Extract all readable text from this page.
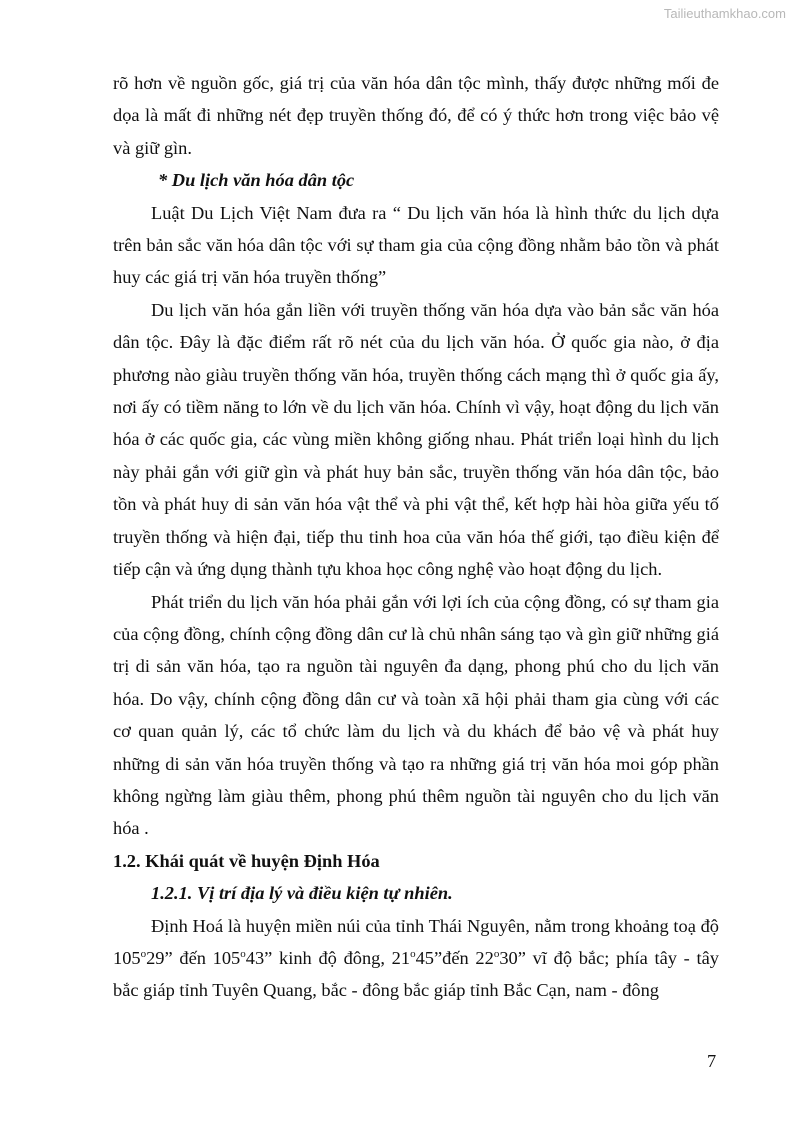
Tailieuthamkhao.com

rõ hơn về nguồn gốc, giá trị của văn hóa dân tộc mình, thấy được những mối đe dọa là mất đi những nét đẹp truyền thống đó, để có ý thức hơn trong việc bảo vệ và giữ gìn.

* Du lịch văn hóa dân tộc

Luật Du Lịch Việt Nam đưa ra “ Du lịch văn hóa là hình thức du lịch dựa trên bản sắc văn hóa dân tộc với sự tham gia của cộng đồng nhằm bảo tồn và phát huy các giá trị văn hóa truyền thống”

Du lịch văn hóa gắn liền với truyền thống văn hóa dựa vào bản sắc văn hóa dân tộc. Đây là đặc điểm rất rõ nét của du lịch văn hóa. Ở quốc gia nào, ở địa phương nào giàu truyền thống văn hóa, truyền thống cách mạng thì ở quốc gia ấy, nơi ấy có tiềm năng to lớn về du lịch văn hóa. Chính vì vậy, hoạt động du lịch văn hóa ở các quốc gia, các vùng miền không giống nhau. Phát triển loại hình du lịch này phải gắn với giữ gìn và phát huy bản sắc, truyền thống văn hóa dân tộc, bảo tồn và phát huy di sản văn hóa vật thể và phi vật thể, kết hợp hài hòa giữa yếu tố truyền thống và hiện đại, tiếp thu tinh hoa của văn hóa thế giới, tạo điều kiện để tiếp cận và ứng dụng thành tựu khoa học công nghệ vào hoạt động du lịch.

Phát triển du lịch văn hóa phải gắn với lợi ích của cộng đồng, có sự tham gia của cộng đồng, chính cộng đồng dân cư là chủ nhân sáng tạo và gìn giữ những giá trị di sản văn hóa, tạo ra nguồn tài nguyên đa dạng, phong phú cho du lịch văn hóa. Do vậy, chính cộng đồng dân cư và toàn xã hội phải tham gia cùng với các cơ quan quản lý, các tổ chức làm du lịch và du khách để bảo vệ và phát huy những di sản văn hóa truyền thống và tạo ra những giá trị văn hóa moi góp phần không ngừng làm giàu thêm, phong phú thêm nguồn tài nguyên cho du lịch văn hóa .

1.2. Khái quát về huyện Định Hóa

1.2.1. Vị trí địa lý và điều kiện tự nhiên.

Định Hoá là huyện miền núi của tỉnh Thái Nguyên, nằm trong khoảng toạ độ 105$^o$29” đến 105$^o$43” kinh độ đông, 21$^o$45”đến 22$^o$30” vĩ độ bắc; phía tây - tây bắc giáp tỉnh Tuyên Quang, bắc - đông bắc giáp tỉnh Bắc Cạn, nam - đông

7
